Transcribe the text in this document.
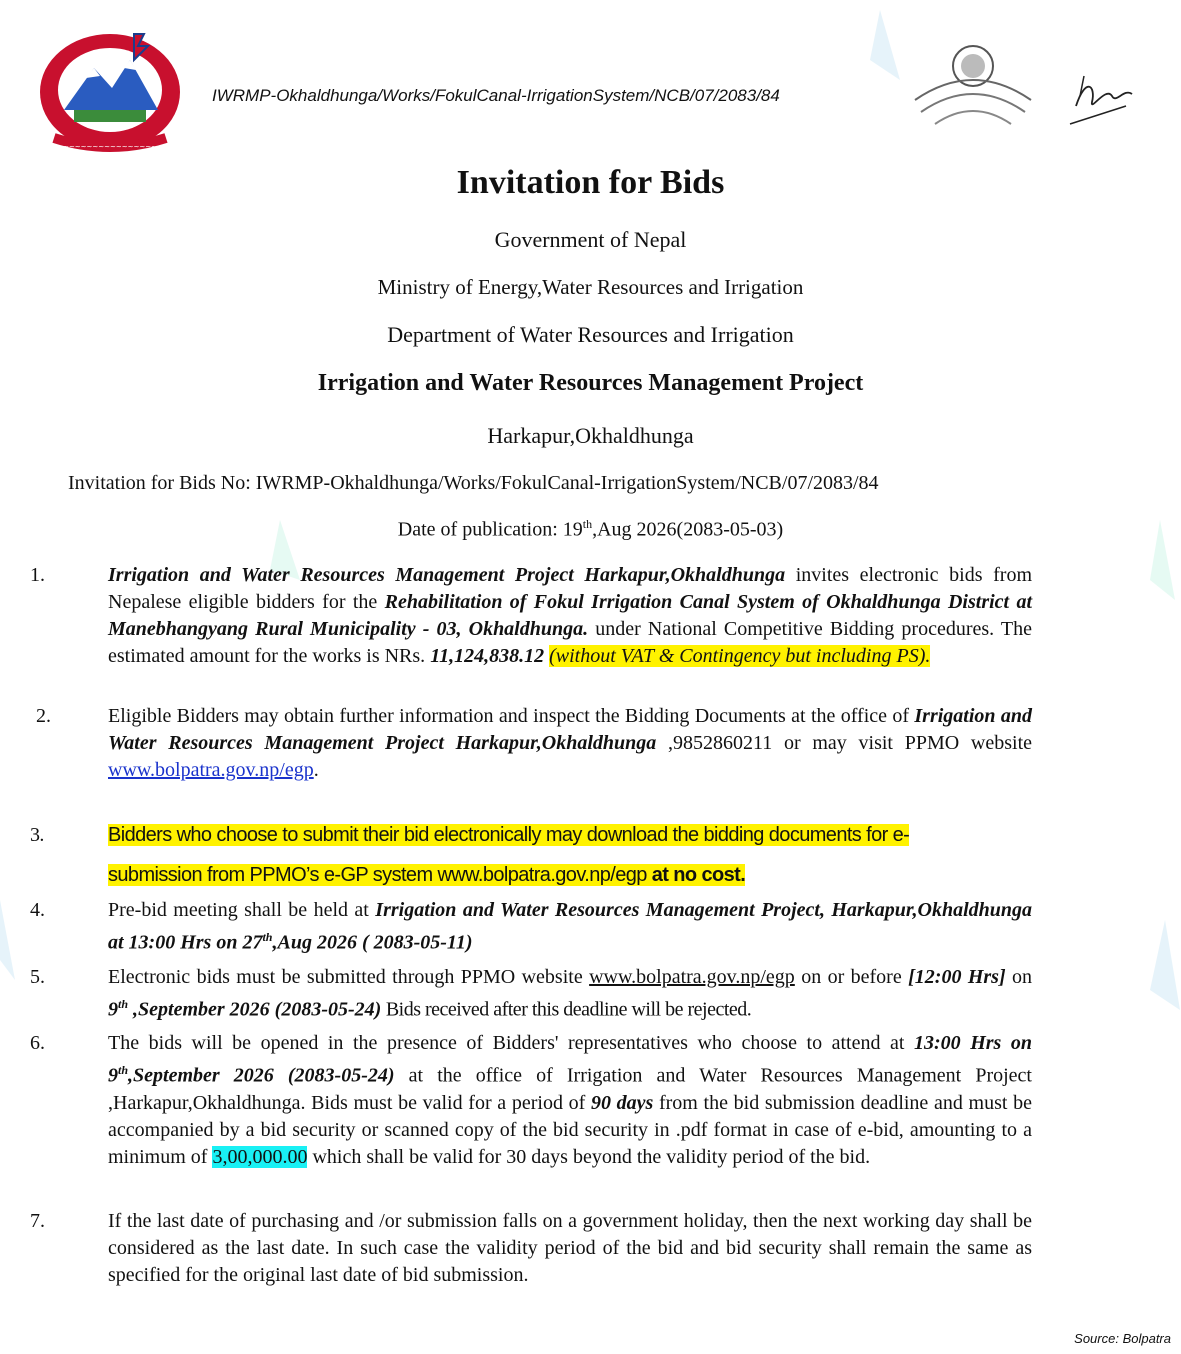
~~~~~~~~~~~~~~~~
IWRMP-Okhaldhunga/Works/FokulCanal-IrrigationSystem/NCB/07/2083/84
Invitation for Bids
Government of Nepal
Ministry of Energy,Water Resources and Irrigation
Department of Water Resources and Irrigation
Irrigation and Water Resources Management Project
Harkapur,Okhaldhunga
Invitation for Bids No: IWRMP-Okhaldhunga/Works/FokulCanal-IrrigationSystem/NCB/07/2083/84
Date of publication: 19th,Aug 2026(2083-05-03)
1.	Irrigation and Water Resources Management Project Harkapur,Okhaldhunga invites electronic bids from Nepalese eligible bidders for the Rehabilitation of Fokul Irrigation Canal System of Okhaldhunga District at Manebhangyang Rural Municipality - 03, Okhaldhunga. under National Competitive Bidding procedures. The estimated amount for the works is NRs. 11,124,838.12 (without VAT & Contingency but including PS).
2.	Eligible Bidders may obtain further information and inspect the Bidding Documents at the office of Irrigation and Water Resources Management Project Harkapur,Okhaldhunga ,9852860211 or may visit PPMO website www.bolpatra.gov.np/egp.
3.	Bidders who choose to submit their bid electronically may download the bidding documents for e-
submission from PPMO’s e-GP system www.bolpatra.gov.np/egp at no cost.
4.	Pre-bid meeting shall be held at Irrigation and Water Resources Management Project, Harkapur,Okhaldhunga at 13:00 Hrs on 27th,Aug 2026 ( 2083-05-11)
5.	Electronic bids must be submitted through PPMO website www.bolpatra.gov.np/egp on or before [12:00 Hrs] on 9th ,September 2026 (2083-05-24) Bids received after this deadline will be rejected.
6.	The bids will be opened in the presence of Bidders' representatives who choose to attend at 13:00 Hrs on 9th,September 2026 (2083-05-24) at the office of Irrigation and Water Resources Management Project ,Harkapur,Okhaldhunga. Bids must be valid for a period of 90 days from the bid submission deadline and must be accompanied by a bid security or scanned copy of the bid security in .pdf format in case of e-bid, amounting to a minimum of 3,00,000.00 which shall be valid for 30 days beyond the validity period of the bid.
7.	If the last date of purchasing and /or submission falls on a government holiday, then the next working day shall be considered as the last date. In such case the validity period of the bid and bid security shall remain the same as specified for the original last date of bid submission.
Source: Bolpatra
